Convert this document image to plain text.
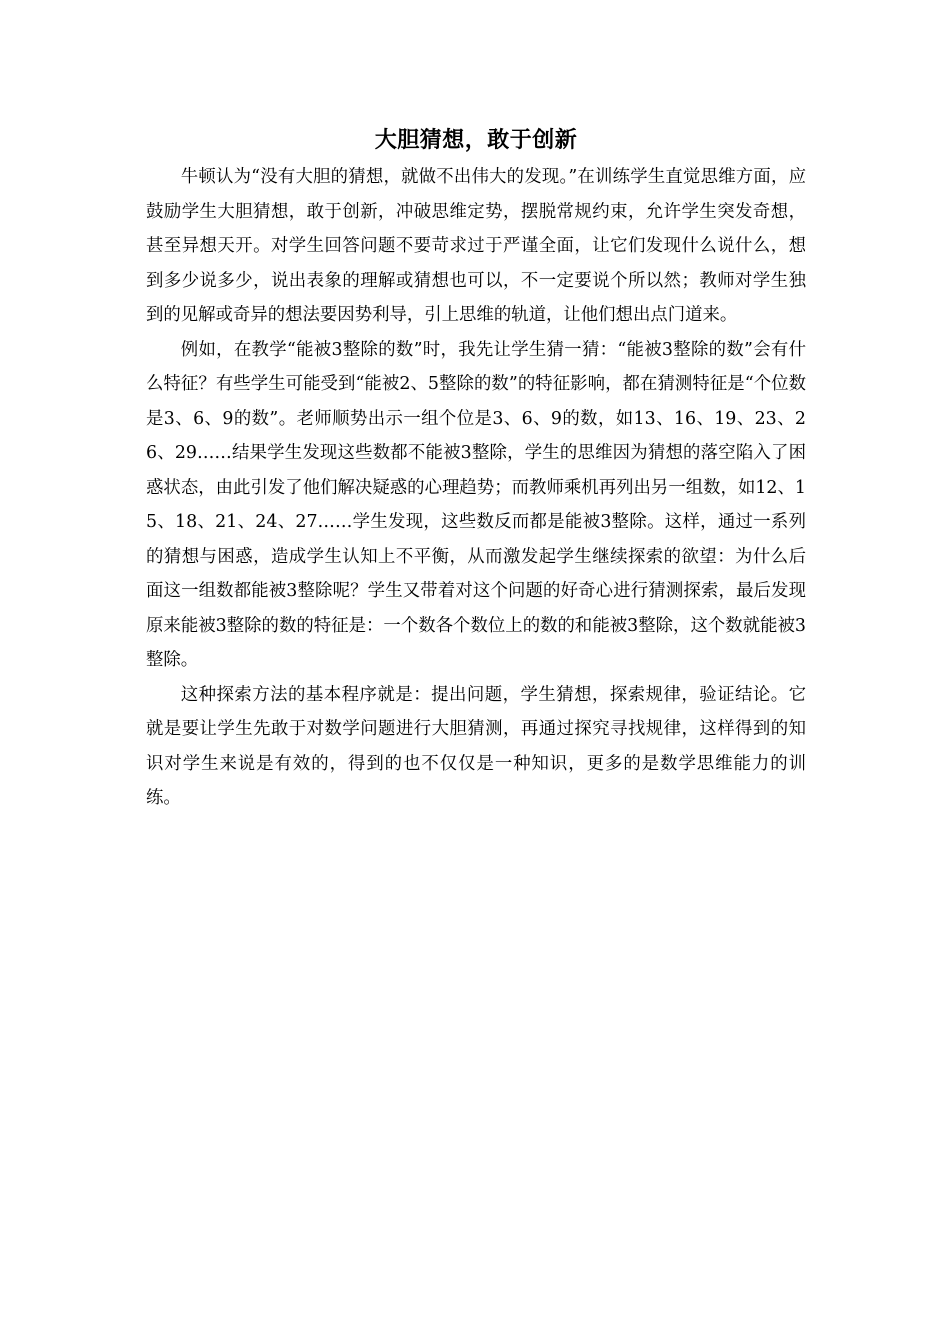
大胆猜想，敢于创新

牛顿认为“没有大胆的猜想，就做不出伟大的发现。”在训练学生直觉思维方面，应鼓励学生大胆猜想，敢于创新，冲破思维定势，摆脱常规约束，允许学生突发奇想，甚至异想天开。对学生回答问题不要苛求过于严谨全面，让它们发现什么说什么，想到多少说多少，说出表象的理解或猜想也可以，不一定要说个所以然；教师对学生独到的见解或奇异的想法要因势利导，引上思维的轨道，让他们想出点门道来。

例如，在教学“能被3整除的数”时，我先让学生猜一猜：“能被3整除的数”会有什么特征？有些学生可能受到“能被2、5整除的数”的特征影响，都在猜测特征是“个位数是3、6、9的数”。老师顺势出示一组个位是3、6、9的数，如13、16、19、23、26、29……结果学生发现这些数都不能被3整除，学生的思维因为猜想的落空陷入了困惑状态，由此引发了他们解决疑惑的心理趋势；而教师乘机再列出另一组数，如12、15、18、21、24、27……学生发现，这些数反而都是能被3整除。这样，通过一系列的猜想与困惑，造成学生认知上不平衡，从而激发起学生继续探索的欲望：为什么后面这一组数都能被3整除呢？学生又带着对这个问题的好奇心进行猜测探索，最后发现原来能被3整除的数的特征是：一个数各个数位上的数的和能被3整除，这个数就能被3整除。

这种探索方法的基本程序就是：提出问题，学生猜想，探索规律，验证结论。它就是要让学生先敢于对数学问题进行大胆猜测，再通过探究寻找规律，这样得到的知识对学生来说是有效的，得到的也不仅仅是一种知识，更多的是数学思维能力的训练。
